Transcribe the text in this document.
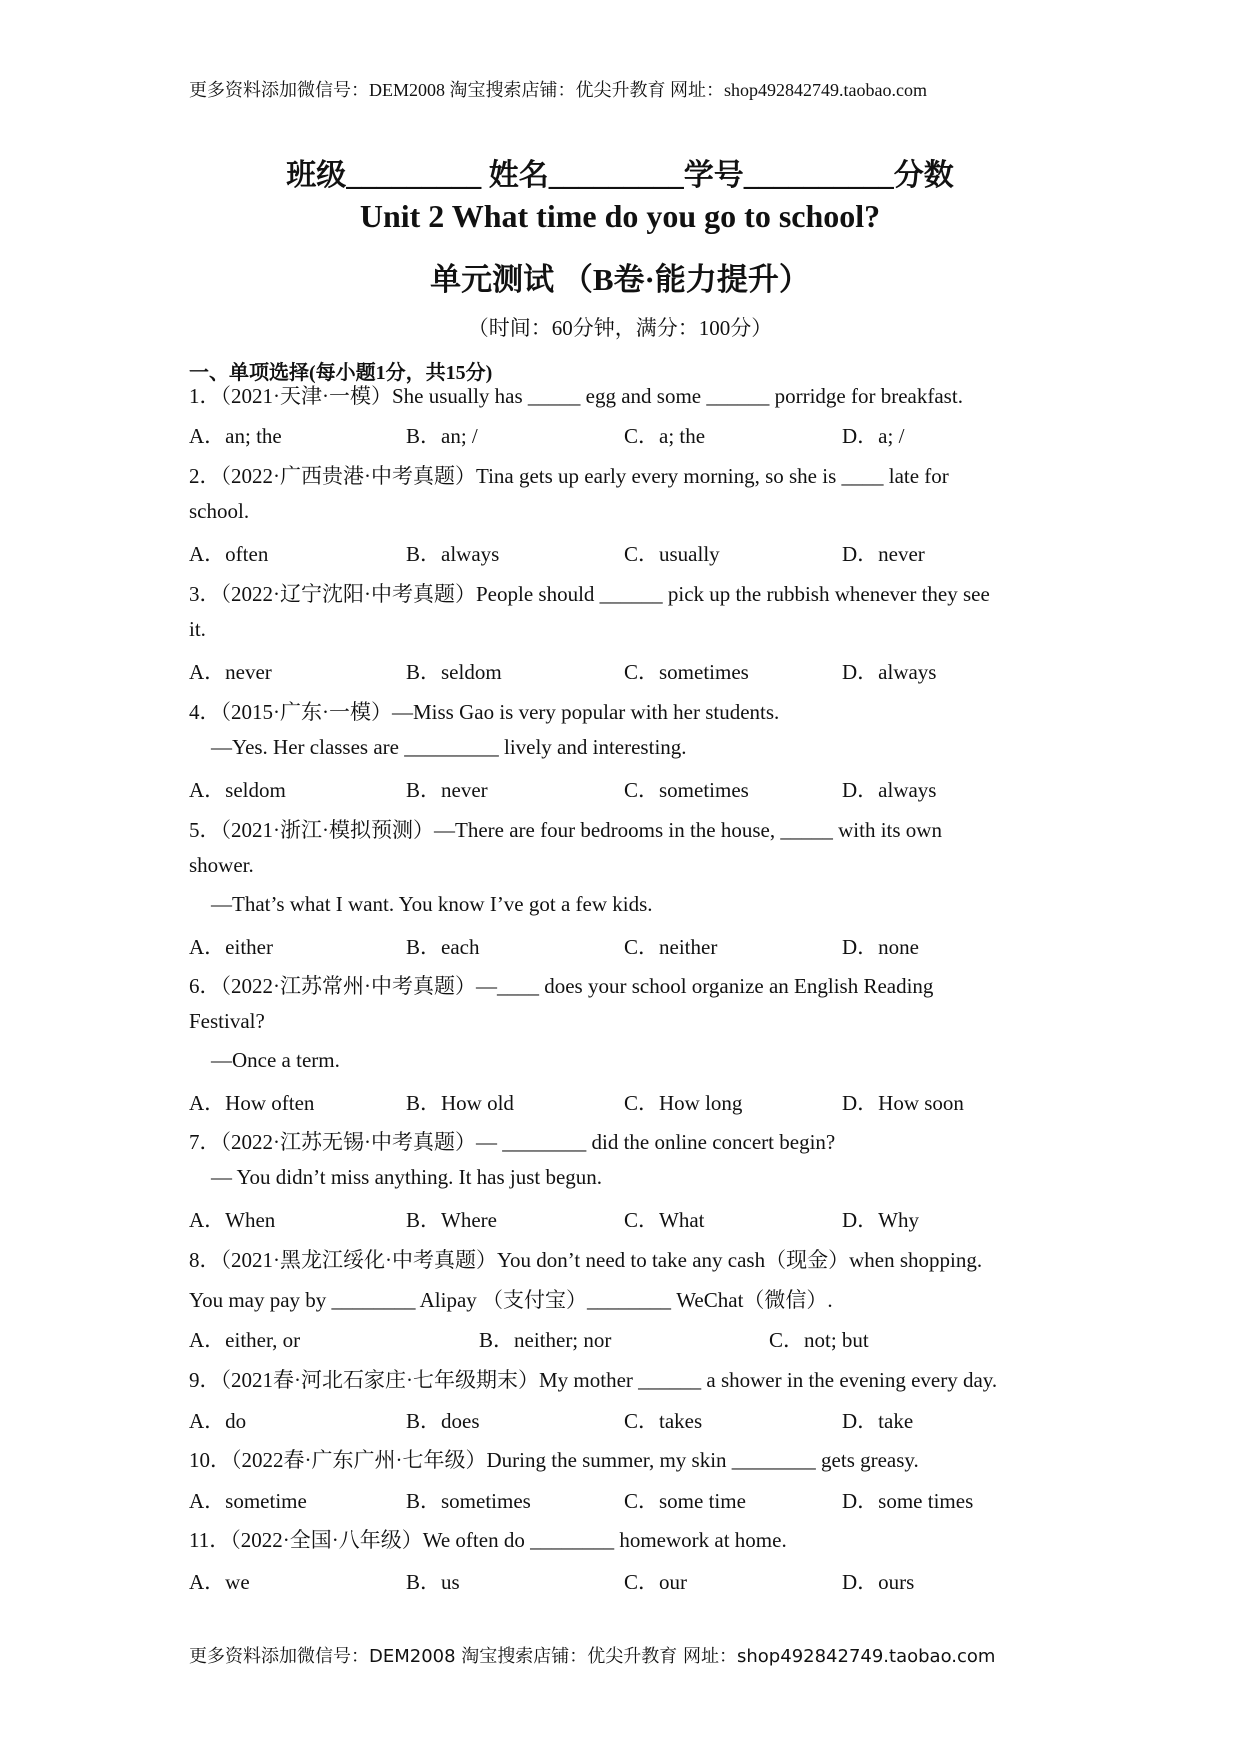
更多资料添加微信号：DEM2008 淘宝搜索店铺：优尖升教育 网址：shop492842749.taobao.com
班级_________ 姓名_________学号__________分数
Unit 2 What time do you go to school?
单元测试 （B卷·能力提升）
（时间：60分钟，满分：100分）
一、单项选择(每小题1分，共15分)
1．（2021·天津·一模）She usually has _____ egg and some ______ porridge for breakfast.
A．an; the	B．an; /	C．a; the	D．a; /
2．（2022·广西贵港·中考真题）Tina gets up early every morning, so she is ____ late for
school.
A．often	B．always	C．usually	D．never
3．（2022·辽宁沈阳·中考真题）People should ______ pick up the rubbish whenever they see
it.
A．never	B．seldom	C．sometimes	D．always
4．（2015·广东·一模）—Miss Gao is very popular with her students.
—Yes. Her classes are _________ lively and interesting.
A．seldom	B．never	C．sometimes	D．always
5．（2021·浙江·模拟预测）—There are four bedrooms in the house, _____ with its own
shower.
—That’s what I want. You know I’ve got a few kids.
A．either	B．each	C．neither	D．none
6．（2022·江苏常州·中考真题）—____ does your school organize an English Reading
Festival?
—Once a term.
A．How often	B．How old	C．How long	D．How soon
7．（2022·江苏无锡·中考真题）— ________ did the online concert begin?
— You didn’t miss anything. It has just begun.
A．When	B．Where	C．What	D．Why
8．（2021·黑龙江绥化·中考真题）You don’t need to take any cash（现金）when shopping.
You may pay by ________ Alipay （支付宝）________ WeChat（微信）.
A．either, or	B．neither; nor	C．not; but
9．（2021春·河北石家庄·七年级期末）My mother ______ a shower in the evening every day.
A．do	B．does	C．takes	D．take
10．（2022春·广东广州·七年级）During the summer, my skin ________ gets greasy.
A．sometime	B．sometimes	C．some time	D．some times
11．（2022·全国·八年级）We often do ________ homework at home.
A．we	B．us	C．our	D．ours
更多资料添加微信号：DEM2008 淘宝搜索店铺：优尖升教育 网址：shop492842749.taobao.com
